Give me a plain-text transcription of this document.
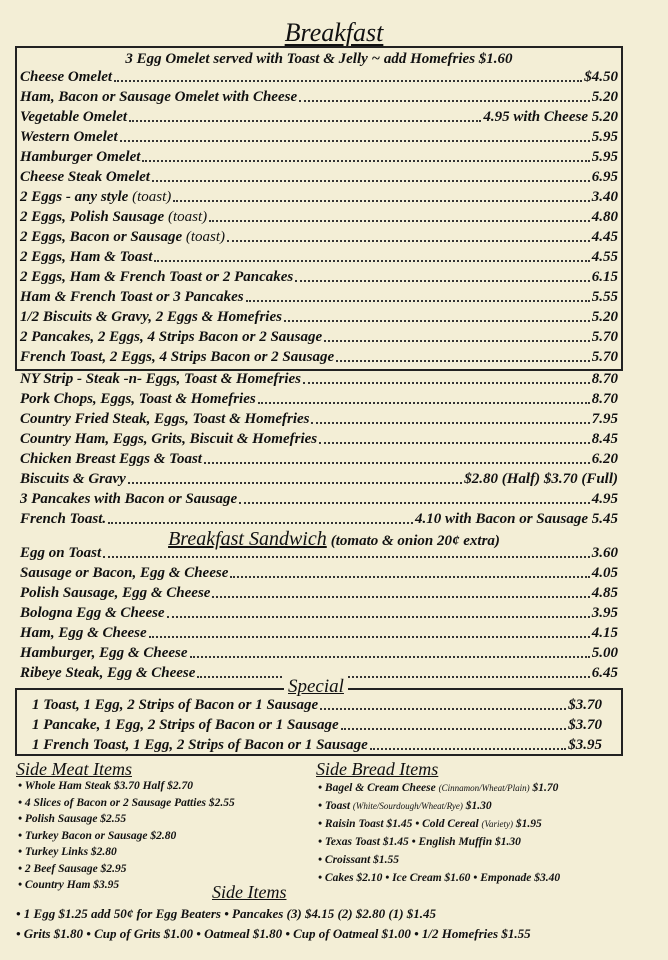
Breakfast
3 Egg Omelet served with Toast & Jelly ~ add Homefries $1.60
Cheese Omelet	$4.50
Ham, Bacon or Sausage Omelet with Cheese	5.20
Vegetable Omelet	4.95 with Cheese 5.20
Western Omelet	5.95
Hamburger Omelet	5.95
Cheese Steak Omelet	6.95
2 Eggs - any style (toast)	3.40
2 Eggs, Polish Sausage (toast)	4.80
2 Eggs, Bacon or Sausage (toast)	4.45
2 Eggs, Ham & Toast	4.55
2 Eggs, Ham & French Toast or 2 Pancakes	6.15
Ham & French Toast or 3 Pancakes	5.55
1/2 Biscuits & Gravy, 2 Eggs & Homefries	5.20
2 Pancakes, 2 Eggs, 4 Strips Bacon or 2 Sausage	5.70
French Toast, 2 Eggs, 4 Strips Bacon or 2 Sausage	5.70
NY Strip - Steak -n- Eggs, Toast & Homefries	8.70
Pork Chops, Eggs, Toast & Homefries	8.70
Country Fried Steak, Eggs, Toast & Homefries	7.95
Country Ham, Eggs, Grits, Biscuit & Homefries	8.45
Chicken Breast Eggs & Toast	6.20
Biscuits & Gravy	$2.80 (Half) $3.70 (Full)
3 Pancakes with Bacon or Sausage	4.95
French Toast.	4.10 with Bacon or Sausage 5.45
Breakfast Sandwich (tomato & onion 20¢ extra)
Egg on Toast	3.60
Sausage or Bacon, Egg & Cheese	4.05
Polish Sausage, Egg & Cheese	4.85
Bologna Egg & Cheese	3.95
Ham, Egg & Cheese	4.15
Hamburger, Egg & Cheese	5.00
Ribeye Steak, Egg & Cheese	6.45
Special
1 Toast, 1 Egg, 2 Strips of Bacon or 1 Sausage	$3.70
1 Pancake, 1 Egg, 2 Strips of Bacon or 1 Sausage	$3.70
1 French Toast, 1 Egg, 2 Strips of Bacon or 1 Sausage	$3.95
Side Meat Items
• Whole Ham Steak $3.70 Half $2.70
• 4 Slices of Bacon or 2 Sausage Patties $2.55
• Polish Sausage $2.55
• Turkey Bacon or Sausage $2.80
• Turkey Links $2.80
• 2 Beef Sausage $2.95
• Country Ham $3.95
Side Bread Items
• Bagel & Cream Cheese (Cinnamon/Wheat/Plain) $1.70
• Toast (White/Sourdough/Wheat/Rye) $1.30
• Raisin Toast $1.45 • Cold Cereal (Variety) $1.95
• Texas Toast $1.45 • English Muffin $1.30
• Croissant $1.55
• Cakes $2.10 • Ice Cream $1.60 • Emponade $3.40
Side Items
• 1 Egg $1.25 add 50¢ for Egg Beaters • Pancakes (3) $4.15 (2) $2.80 (1) $1.45
• Grits $1.80 • Cup of Grits $1.00 • Oatmeal $1.80 • Cup of Oatmeal $1.00 • 1/2 Homefries $1.55
